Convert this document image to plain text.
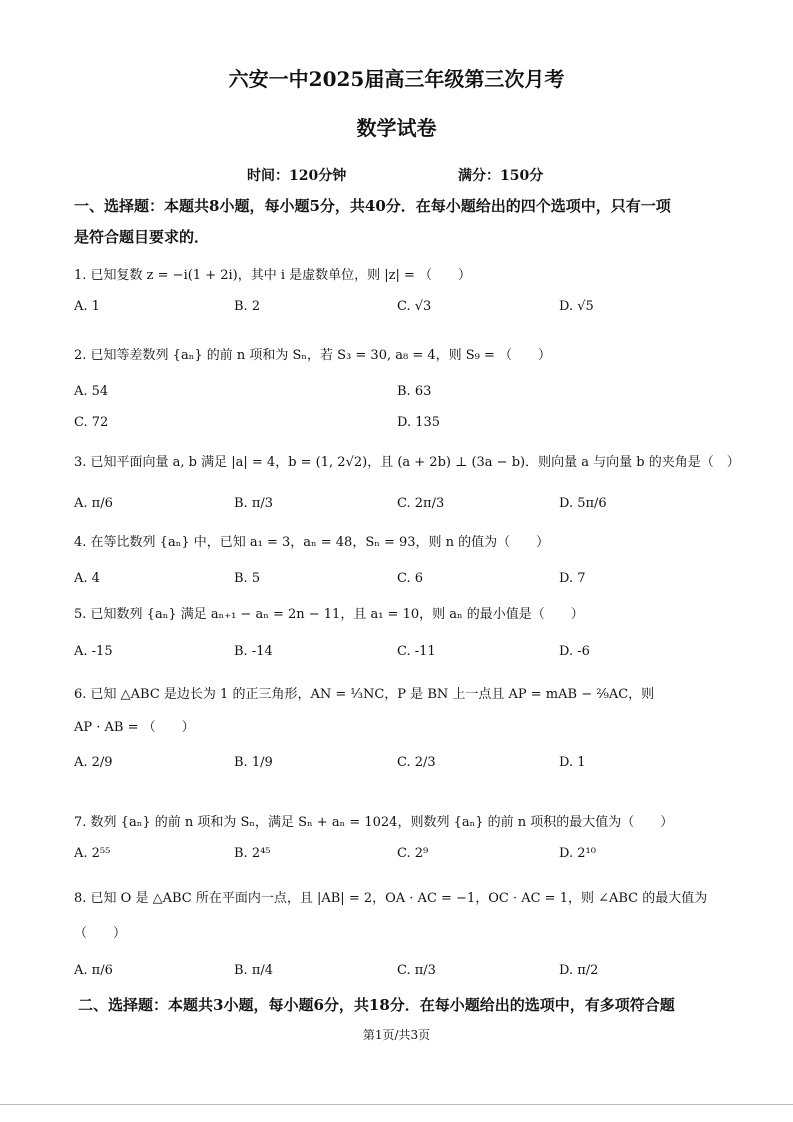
六安一中2025届高三年级第三次月考
数学试卷
时间：120分钟	满分：150分
一、选择题：本题共8小题，每小题5分，共40分．在每小题给出的四个选项中，只有一项
是符合题目要求的．
1. 已知复数 z = −i(1 + 2i)，其中 i 是虚数单位，则 |z| = （　　）
A. 1	B. 2	C. √3	D. √5
2. 已知等差数列 {aₙ} 的前 n 项和为 Sₙ，若 S₃ = 30, a₈ = 4，则 S₉ = （　　）
A. 54	B. 63
C. 72	D. 135
3. 已知平面向量 a, b 满足 |a| = 4，b = (1, 2√2)，且 (a + 2b) ⊥ (3a − b)．则向量 a 与向量 b 的夹角是（　）
A. π/6	B. π/3	C. 2π/3	D. 5π/6
4. 在等比数列 {aₙ} 中，已知 a₁ = 3，aₙ = 48，Sₙ = 93，则 n 的值为（　　）
A. 4	B. 5	C. 6	D. 7
5. 已知数列 {aₙ} 满足 aₙ₊₁ − aₙ = 2n − 11，且 a₁ = 10，则 aₙ 的最小值是（　　）
A. -15	B. -14	C. -11	D. -6
6. 已知 △ABC 是边长为 1 的正三角形，AN = ⅓NC，P 是 BN 上一点且 AP = mAB − ²⁄₉AC，则
AP · AB = （　　）
A. 2/9	B. 1/9	C. 2/3	D. 1
7. 数列 {aₙ} 的前 n 项和为 Sₙ，满足 Sₙ + aₙ = 1024，则数列 {aₙ} 的前 n 项积的最大值为（　　）
A. 2⁵⁵	B. 2⁴⁵	C. 2⁹	D. 2¹⁰
8. 已知 O 是 △ABC 所在平面内一点，且 |AB| = 2，OA · AC = −1，OC · AC = 1，则 ∠ABC 的最大值为
（　　）
A. π/6	B. π/4	C. π/3	D. π/2
二、选择题：本题共3小题，每小题6分，共18分．在每小题给出的选项中，有多项符合题
第1页/共3页
